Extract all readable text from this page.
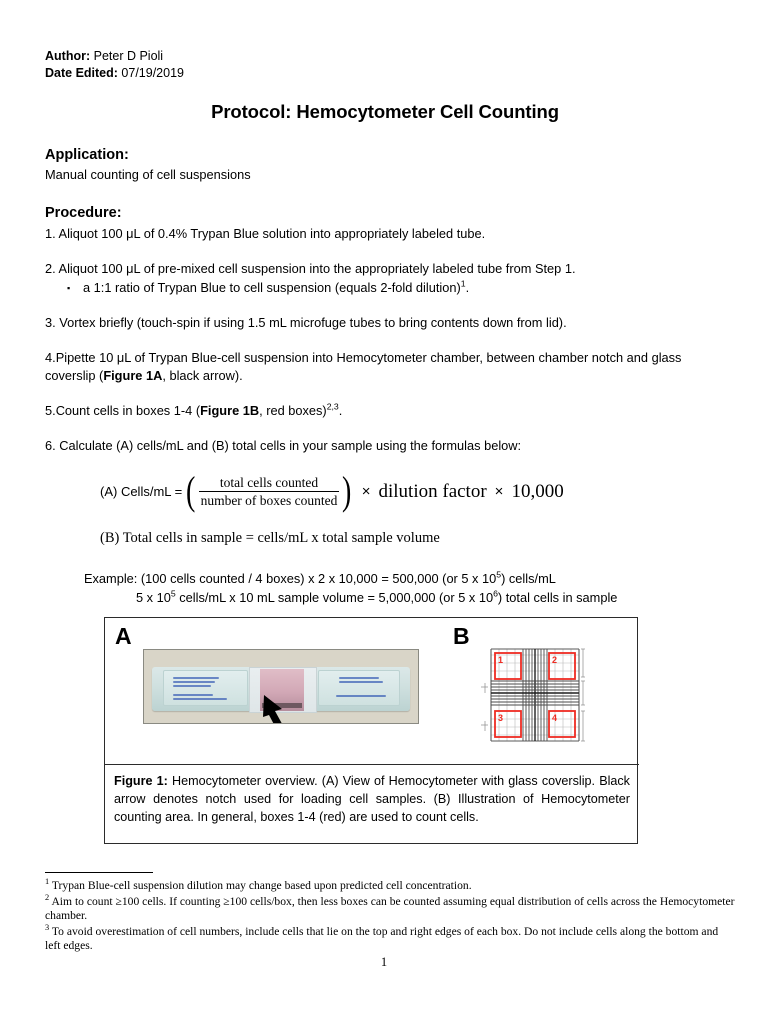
Author: Peter D Pioli
Date Edited: 07/19/2019
Protocol: Hemocytometer Cell Counting
Application:
Manual counting of cell suspensions
Procedure:
1. Aliquot 100 μL of 0.4% Trypan Blue solution into appropriately labeled tube.
2. Aliquot 100 μL of pre-mixed cell suspension into the appropriately labeled tube from Step 1.
▪ a 1:1 ratio of Trypan Blue to cell suspension (equals 2-fold dilution)$^1$.
3. Vortex briefly (touch-spin if using 1.5 mL microfuge tubes to bring contents down from lid).
4.Pipette 10 μL of Trypan Blue-cell suspension into Hemocytometer chamber, between chamber notch and glass coverslip (Figure 1A, black arrow).
5.Count cells in boxes 1-4 (Figure 1B, red boxes)$^{2,3}$.
6. Calculate (A) cells/mL and (B) total cells in your sample using the formulas below:
(A) Cells/mL = ( $\frac{\text{total cells counted}}{\text{number of boxes counted}}$ ) × dilution factor × 10,000
(B) Total cells in sample = cells/mL x total sample volume
Example: (100 cells counted / 4 boxes) x 2 x 10,000 = 500,000 (or 5 x $10^5$) cells/mL
5 x $10^5$ cells/mL x 10 mL sample volume = 5,000,000 (or 5 x $10^6$) total cells in sample
A	B
1	2
3	4
Figure 1: Hemocytometer overview. (A) View of Hemocytometer with glass coverslip. Black arrow denotes notch used for loading cell samples. (B) Illustration of Hemocytometer counting area. In general, boxes 1-4 (red) are used to count cells.
$^1$ Trypan Blue-cell suspension dilution may change based upon predicted cell concentration.
$^2$ Aim to count ≥100 cells. If counting ≥100 cells/box, then less boxes can be counted assuming equal distribution of cells across the Hemocytometer chamber.
$^3$ To avoid overestimation of cell numbers, include cells that lie on the top and right edges of each box. Do not include cells along the bottom and left edges.
1
